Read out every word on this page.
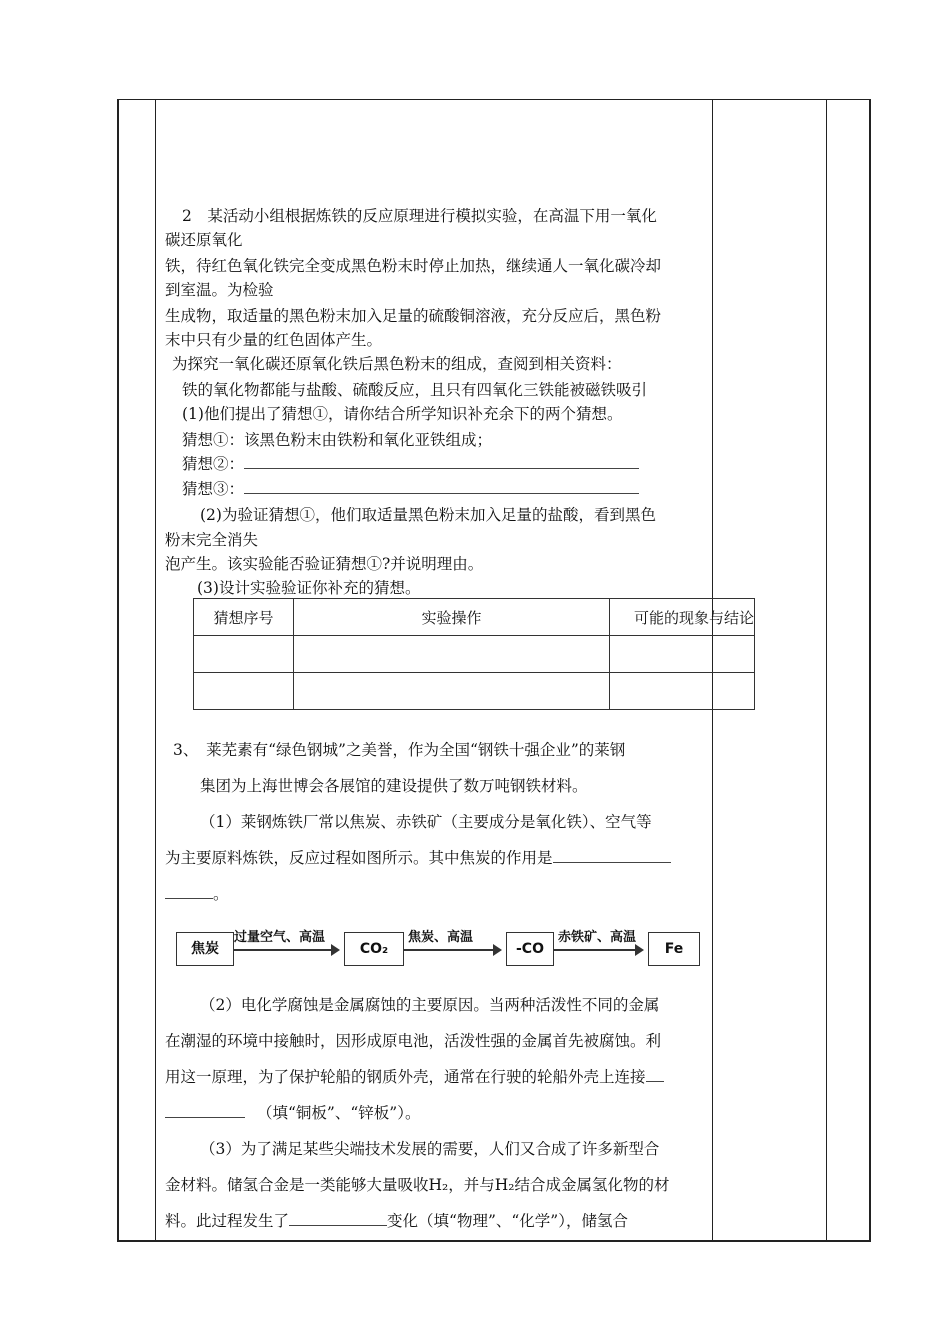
2　某活动小组根据炼铁的反应原理进行模拟实验，在高温下用一氧化
碳还原氧化
铁，待红色氧化铁完全变成黑色粉末时停止加热，继续通人一氧化碳冷却
到室温。为检验
生成物，取适量的黑色粉末加入足量的硫酸铜溶液，充分反应后，黑色粉
末中只有少量的红色固体产生。
为探究一氧化碳还原氧化铁后黑色粉末的组成，查阅到相关资料：
铁的氧化物都能与盐酸、硫酸反应，且只有四氧化三铁能被磁铁吸引
(1)他们提出了猜想①，请你结合所学知识补充余下的两个猜想。
猜想①：该黑色粉末由铁粉和氧化亚铁组成；
猜想②：
猜想③：
(2)为验证猜想①，他们取适量黑色粉末加入足量的盐酸，看到黑色
粉末完全消失
泡产生。该实验能否验证猜想①?并说明理由。
(3)设计实验验证你补充的猜想。
猜想序号	实验操作	可能的现象与结论

3、　莱芜素有“绿色钢城”之美誉，作为全国“钢铁十强企业”的莱钢
集团为上海世博会各展馆的建设提供了数万吨钢铁材料。
（1）莱钢炼铁厂常以焦炭、赤铁矿（主要成分是氧化铁）、空气等
为主要原料炼铁，反应过程如图所示。其中焦炭的作用是
。
焦炭
过量空气、高温
CO₂
焦炭、高温
-CO
赤铁矿、高温
Fe
（2）电化学腐蚀是金属腐蚀的主要原因。当两种活泼性不同的金属
在潮湿的环境中接触时，因形成原电池，活泼性强的金属首先被腐蚀。利
用这一原理，为了保护轮船的钢质外壳，通常在行驶的轮船外壳上连接
（填“铜板”、“锌板”）。
（3）为了满足某些尖端技术发展的需要，人们又合成了许多新型合
金材料。储氢合金是一类能够大量吸收H₂，并与H₂结合成金属氢化物的材
料。此过程发生了	变化（填“物理”、“化学”），储氢合
